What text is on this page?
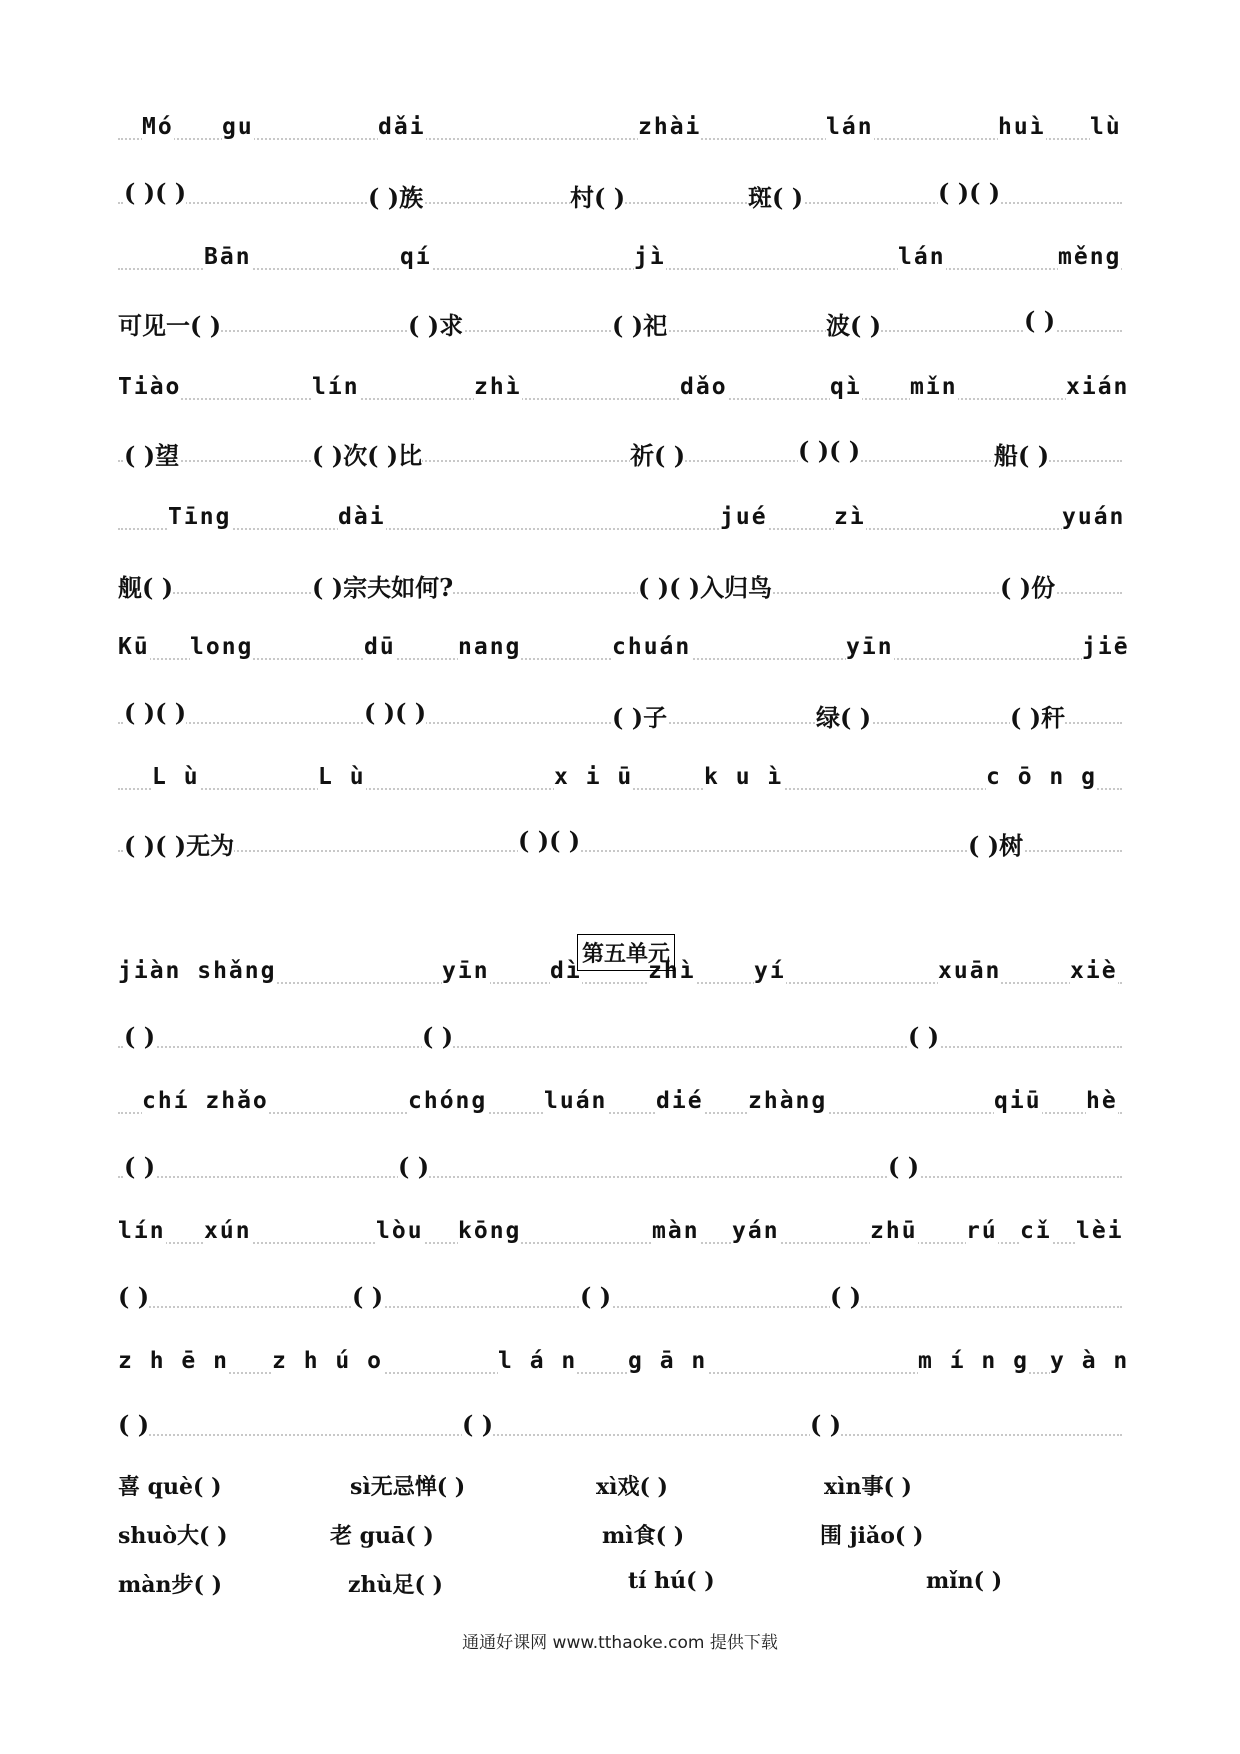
Mó gu	dǎi	zhài	lán	huì lù
( )( )	( )族	村( )	斑( )	( )( )
Bān	qí	jì	lán	měng
可见一( )	( )求	( )祀	波( )	( )
Tiào	lín	zhì	dǎo	qì mǐn	xián
( )望	( )次( )比	祈( )	( )( )	船( )
Tīng	dài	jué	zì	yuán
舰( )	( )宗夫如何?	( )( )入归鸟	( )份
Kū long	dū	nang	chuán	yīn	jiē
( )( )	( )( )	( )子	绿( )	( )秆
L ù	L ù	x i ū	k u ì	c ō n g
( )( )无为	( )( )	( )树
jiàn shǎng	yīn	dì	zhì	yí	xuān	xiè
( )	( )	( )
chí zhǎo	chóng luán dié zhàng	qiū hè
( )	( )	( )
lín xún	lòu kōng	màn yán	zhū rú cǐ lèi
( )	( )	( )	( )
z h ē n z h ú o	l á n g ā n	m í n g y à n
( )	( )	( )
第五单元
喜 què( )	sì无忌惮( )	xì戏( )	xìn事( )
shuò大( )	老 guā( )	mì食( )	围 jiǎo( )
màn步( )	zhù足( )	tí hú( )	mǐn( )
通通好课网 www.tthaoke.com 提供下载
